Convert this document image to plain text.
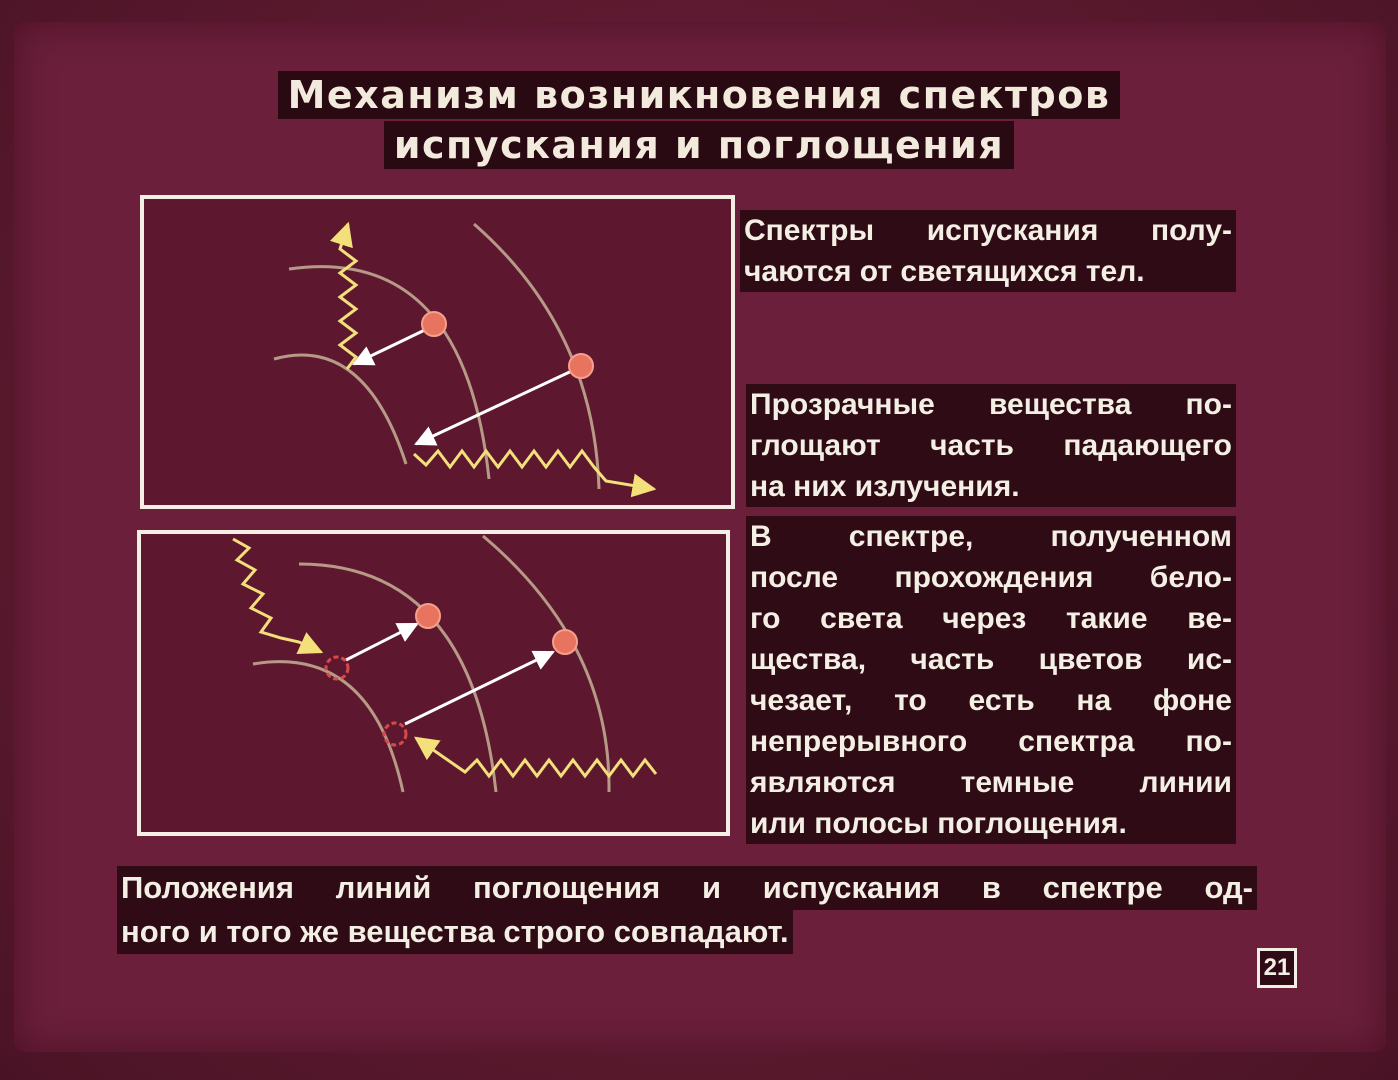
Механизм возникновения спектров
испускания и поглощения

Спектры испускания полу-
чаются от светящихся тел.

Прозрачные вещества по-
глощают часть падающего
на них излучения.

В спектре, полученном
после прохождения бело-
го света через такие ве-
щества, часть цветов ис-
чезает, то есть на фоне
непрерывного спектра по-
являются темные линии
или полосы поглощения.

Положения линий поглощения и испускания в спектре од-
ного и того же вещества строго совпадают.

21
